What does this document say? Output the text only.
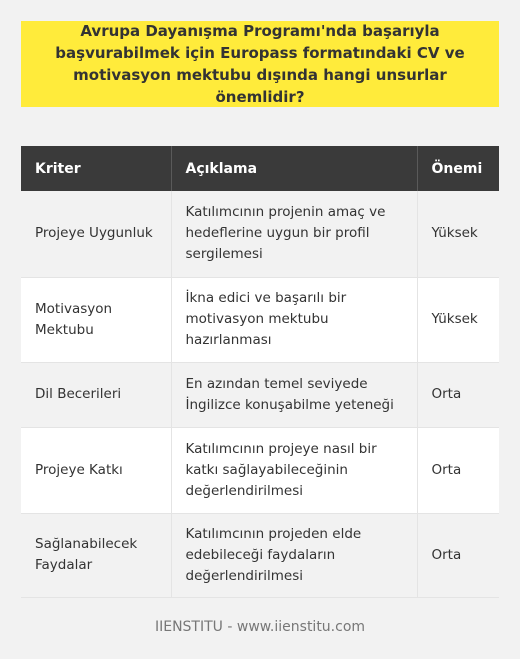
Avrupa Dayanışma Programı'nda başarıyla başvurabilmek için Europass formatındaki CV ve motivasyon mektubu dışında hangi unsurlar önemlidir?
Kriter	Açıklama	Önemi
Projeye Uygunluk	Katılımcının projenin amaç ve hedeflerine uygun bir profil sergilemesi	Yüksek
Motivasyon Mektubu	İkna edici ve başarılı bir motivasyon mektubu hazırlanması	Yüksek
Dil Becerileri	En azından temel seviyede İngilizce konuşabilme yeteneği	Orta
Projeye Katkı	Katılımcının projeye nasıl bir katkı sağlayabileceğinin değerlendirilmesi	Orta
Sağlanabilecek Faydalar	Katılımcının projeden elde edebileceği faydaların değerlendirilmesi	Orta
IIENSTITU - www.iienstitu.com
